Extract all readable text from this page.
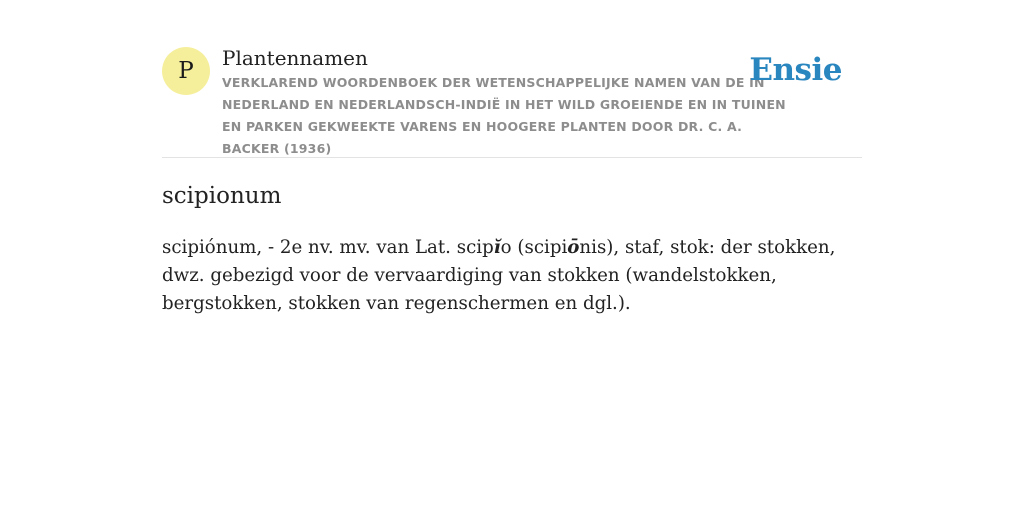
P	Plantennamen
VERKLAREND WOORDENBOEK DER WETENSCHAPPELIJKE NAMEN VAN DE IN NEDERLAND EN NEDERLANDSCH-INDIË IN HET WILD GROEIENDE EN IN TUINEN EN PARKEN GEKWEEKTE VARENS EN HOOGERE PLANTEN DOOR DR. C. A. BACKER (1936)
Ensie
scipionum

scipiónum, - 2e nv. mv. van Lat. scipĭo (scipiōnis), staf, stok: der stokken, dwz. gebezigd voor de vervaardiging van stokken (wandelstokken, bergstokken, stokken van regenschermen en dgl.).
